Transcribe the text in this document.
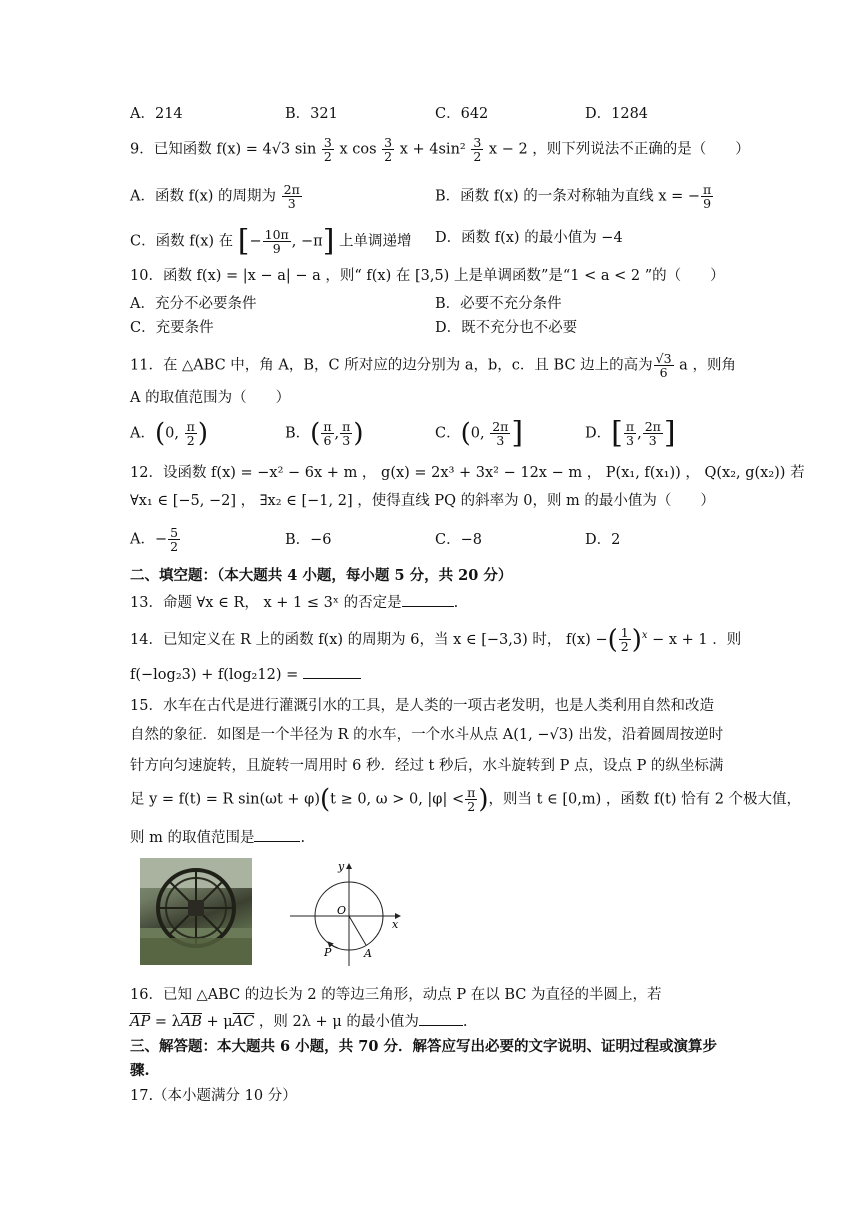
A．214	B．321	C．642	D．1284
9．已知函数 f(x) = 4√3 $\sin \frac{3}{2}$ x $\cos \frac{3}{2}$ $x + 4\sin^2 \frac{3}{2}$ x − 2 ，则下列说法不正确的是（　　）
A．函数 f(x) 的周期为 $\frac{2\pi}{3}$	B．函数 f(x) 的一条对称轴为直线 x = − $\frac{\pi}{9}$
C．函数 f(x) 在 [− $\frac{10\pi}{9}$ , −π] 上单调递增 D．函数 f(x) 的最小值为 −4
10．函数 f(x) = |x − a| − a ，则“ f(x) 在 [3,5) 上是单调函数”是“1 < a < 2 ”的（　　）
A．充分不必要条件	B．必要不充分条件
C．充要条件	D．既不充分也不必要
11．在 △ABC 中，角 A，B，C 所对应的边分别为 a，b，c．且 BC 边上的高为 $\frac{√3}{6}$ a ，则角
A 的取值范围为（　　）
A．(0, $\frac{\pi}{2}$ )	B．( $\frac{\pi}{6}$ , $\frac{\pi}{3}$ )	C．(0, $\frac{2\pi}{3}$ ]	D．[ $\frac{\pi}{3}$ , $\frac{2\pi}{3}$ ]
12．设函数 f(x) = −x² − 6x + m ， g(x) = 2x³ + 3x² − 12x − m ， P(x₁, f(x₁)) ， Q(x₂, g(x₂)) 若
∀x₁ ∈ [−5, −2] ， ∃x₂ ∈ [−1, 2] ，使得直线 PQ 的斜率为 0，则 m 的最小值为（　　）
A．− $\frac{5}{2}$	B．−6	C．−8	D．2
二、填空题：（本大题共 4 小题，每小题 5 分，共 20 分）
13．命题 ∀x ∈ R， x + 1 ≤ 3ˣ 的否定是	.
14．已知定义在 R 上的函数 f(x) 的周期为 6，当 x ∈ [−3,3) 时， f(x) −( $\frac{1}{2} )^x - x + 1$ ．则
f(−log₂3) + f(log₂12) =
15．水车在古代是进行灌溉引水的工具，是人类的一项古老发明，也是人类利用自然和改造
自然的象征．如图是一个半径为 R 的水车，一个水斗从点 A(1, −√3) 出发，沿着圆周按逆时
针方向匀速旋转，且旋转一周用时 6 秒．经过 t 秒后，水斗旋转到 P 点，设点 P 的纵坐标满
足 y = f(t) = R sin(ωt + φ)(t ≥ 0, ω > 0, $|\varphi| < \frac{\pi}{2}$ )，则当 t ∈ [0,m) ，函数 f(t) 恰有 2 个极大值，
则 m 的取值范围是	.
y
x
O
P	A
16．已知 △ABC 的边长为 2 的等边三角形，动点 P 在以 BC 为直径的半圆上，若
$\overline{AP} = \lambda\overline{AB} + \mu\overline{AC}$ ，则 2λ + μ 的最小值为	.
三、解答题：本大题共 6 小题，共 70 分．解答应写出必要的文字说明、证明过程或演算步
骤.
17.（本小题满分 10 分）
